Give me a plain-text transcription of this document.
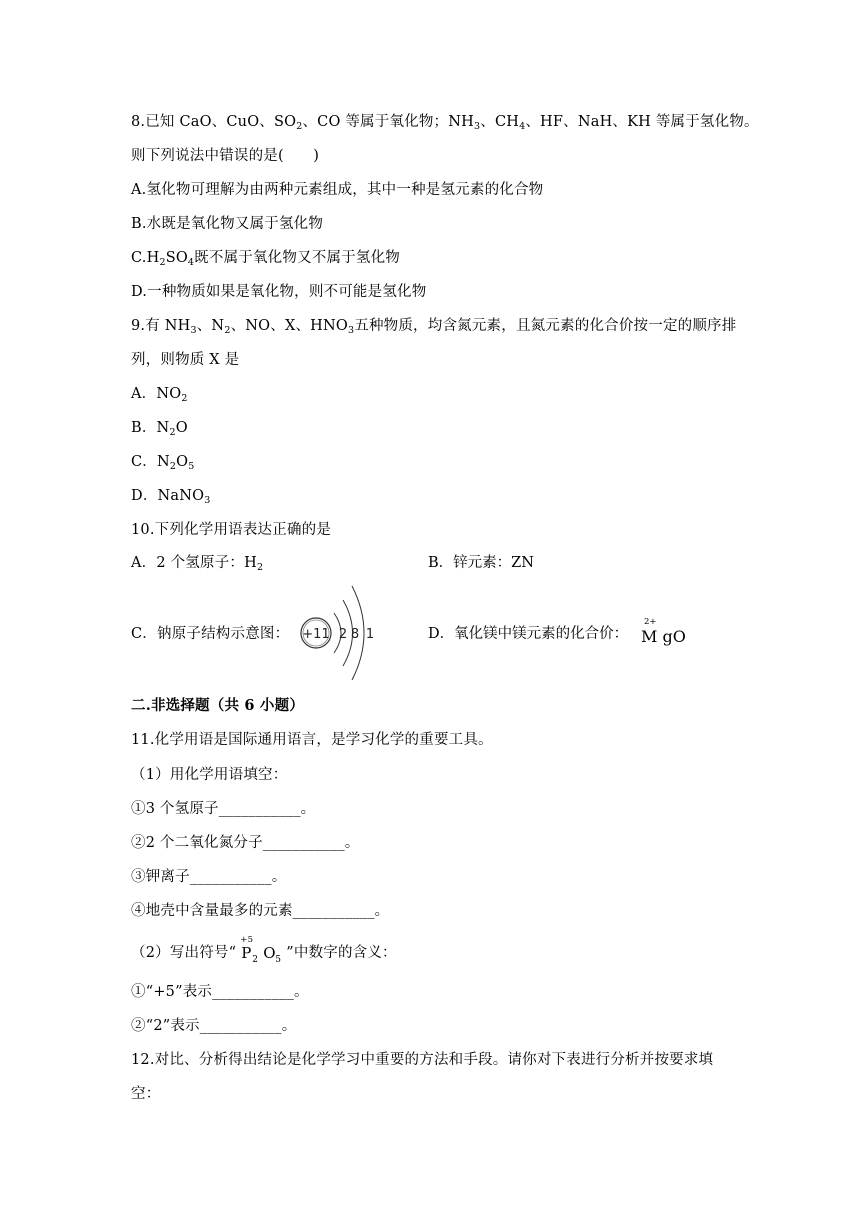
8.已知 CaO、CuO、$SO_2$、CO 等属于氧化物；$NH_3$、$CH_4$、HF、NaH、KH 等属于氢化物。
则下列说法中错误的是(　　)
A.氢化物可理解为由两种元素组成，其中一种是氢元素的化合物
B.水既是氧化物又属于氢化物
$C.H_2SO_4$既不属于氧化物又不属于氢化物
D.一种物质如果是氧化物，则不可能是氢化物
9.有 $NH_3$、$N_2$、NO、X、$HNO_3$五种物质，均含氮元素，且氮元素的化合价按一定的顺序排
列，则物质 X 是
A．$NO_2$
B．$N_2O$
C．$N_2O_5$
D．NaNO$_3$
10.下列化学用语表达正确的是
A．2 个氢原子：$H_2$	B．锌元素：ZN
C．钠原子结构示意图： +11 2 8 1	D．氧化镁中镁元素的化合价：
2+
M gO
二.非选择题（共 6 小题）
11.化学用语是国际通用语言，是学习化学的重要工具。
（1）用化学用语填空：
①3 个氢原子___________。
②2 个二氧化氮分子___________。
③钾离子___________。
④地壳中含量最多的元素___________。
（2）写出符号“
+5
P 2 O 5 ”中数字的含义：
①“+5”表示___________。
②“2”表示___________。
12.对比、分析得出结论是化学学习中重要的方法和手段。请你对下表进行分析并按要求填
空：
